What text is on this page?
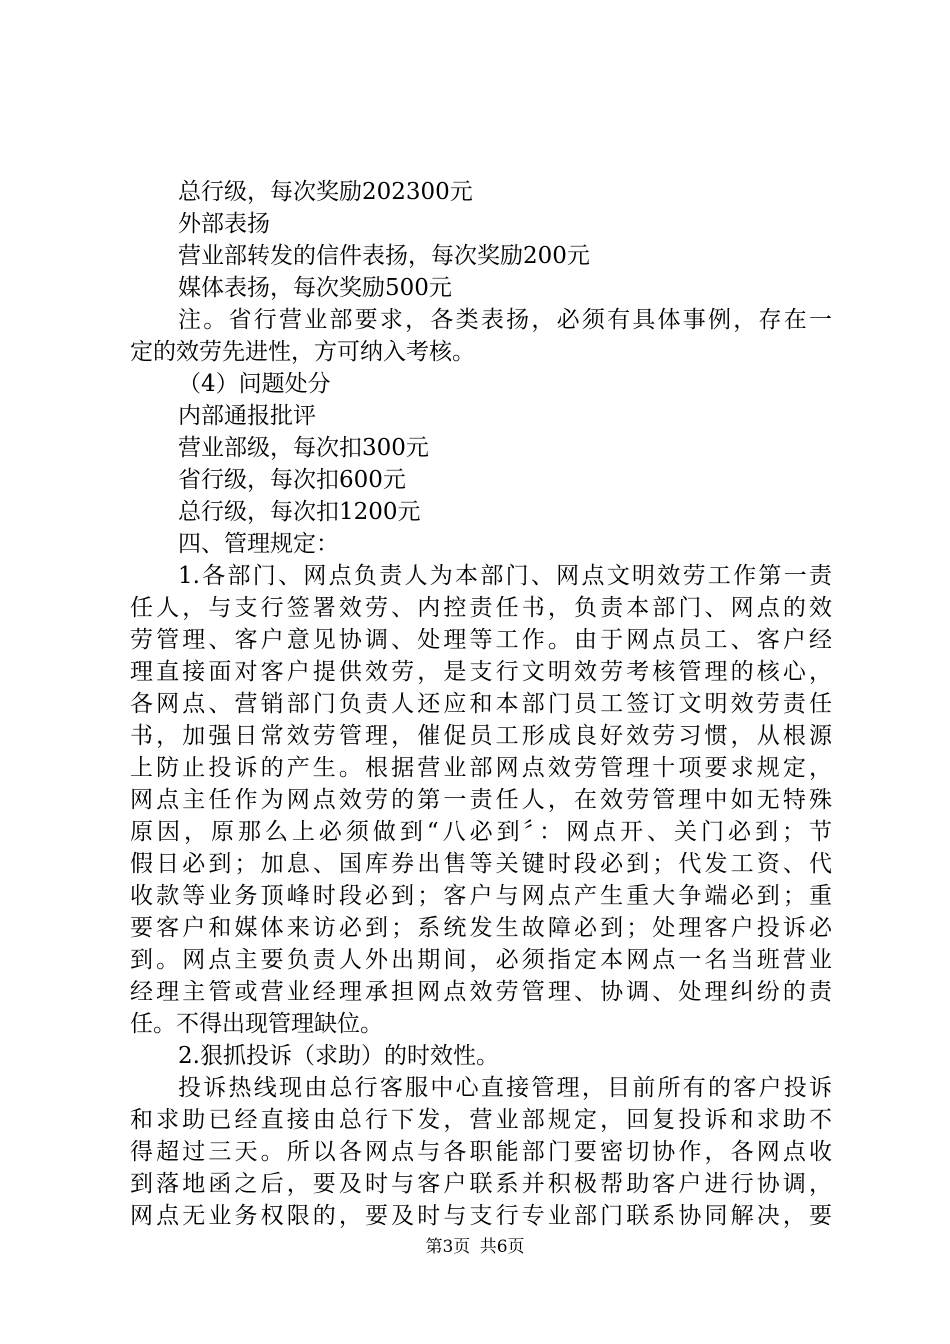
总行级，每次奖励202300元
外部表扬
营业部转发的信件表扬，每次奖励200元
媒体表扬，每次奖励500元
注。省行营业部要求，各类表扬，必须有具体事例，存在一
定的效劳先进性，方可纳入考核。
（4）问题处分
内部通报批评
营业部级，每次扣300元
省行级，每次扣600元
总行级，每次扣1200元
四、管理规定：
1.各部门、网点负责人为本部门、网点文明效劳工作第一责
任人，与支行签署效劳、内控责任书，负责本部门、网点的效
劳管理、客户意见协调、处理等工作。由于网点员工、客户经
理直接面对客户提供效劳，是支行文明效劳考核管理的核心，
各网点、营销部门负责人还应和本部门员工签订文明效劳责任
书，加强日常效劳管理，催促员工形成良好效劳习惯，从根源
上防止投诉的产生。根据营业部网点效劳管理十项要求规定，
网点主任作为网点效劳的第一责任人，在效劳管理中如无特殊
原因，原那么上必须做到“八必到〞：网点开、关门必到；节
假日必到；加息、国库券出售等关键时段必到；代发工资、代
收款等业务顶峰时段必到；客户与网点产生重大争端必到；重
要客户和媒体来访必到；系统发生故障必到；处理客户投诉必
到。网点主要负责人外出期间，必须指定本网点一名当班营业
经理主管或营业经理承担网点效劳管理、协调、处理纠纷的责
任。不得出现管理缺位。
2.狠抓投诉（求助）的时效性。
投诉热线现由总行客服中心直接管理，目前所有的客户投诉
和求助已经直接由总行下发，营业部规定，回复投诉和求助不
得超过三天。所以各网点与各职能部门要密切协作，各网点收
到落地函之后，要及时与客户联系并积极帮助客户进行协调，
网点无业务权限的，要及时与支行专业部门联系协同解决，要
第3页 共6页
